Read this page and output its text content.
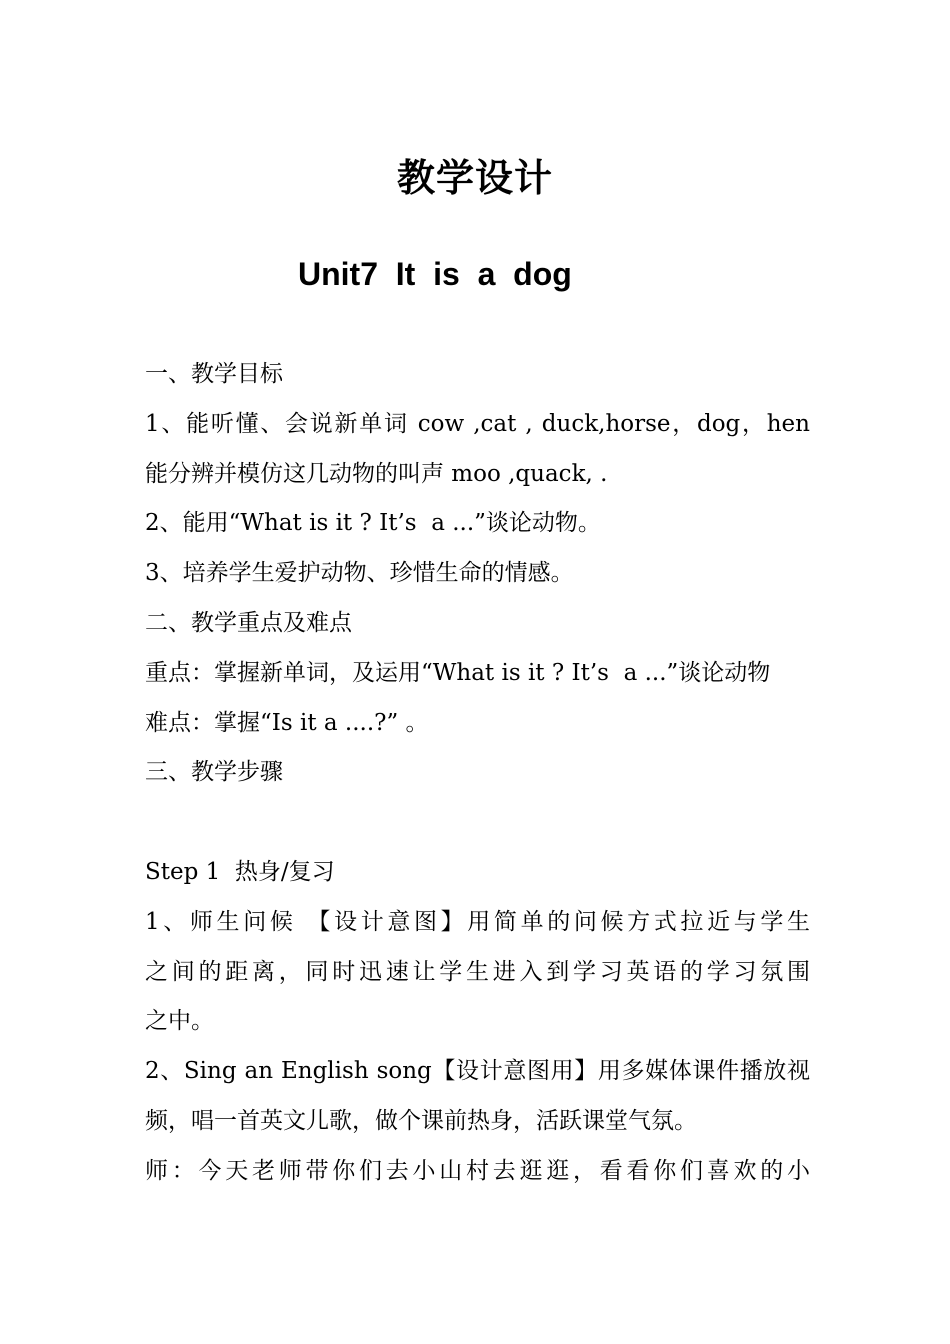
教学设计
Unit7  It  is  a  dog
一、教学目标
1、能听懂、会说新单词 cow ,cat , duck,horse，dog，hen
能分辨并模仿这几动物的叫声 moo ,quack, .
2、能用“What is it ? It’s  a ...”谈论动物。
3、培养学生爱护动物、珍惜生命的情感。
二、教学重点及难点
重点：掌握新单词，及运用“What is it ? It’s  a ...”谈论动物
难点：掌握“Is it a ....?” 。
三、教学步骤
Step 1  热身/复习
1、师生问候 【设计意图】用简单的问候方式拉近与学生
之间的距离，同时迅速让学生进入到学习英语的学习氛围
之中。
2、Sing an English song【设计意图用】用多媒体课件播放视
频，唱一首英文儿歌，做个课前热身，活跃课堂气氛。
师：今天老师带你们去小山村去逛逛，看看你们喜欢的小
